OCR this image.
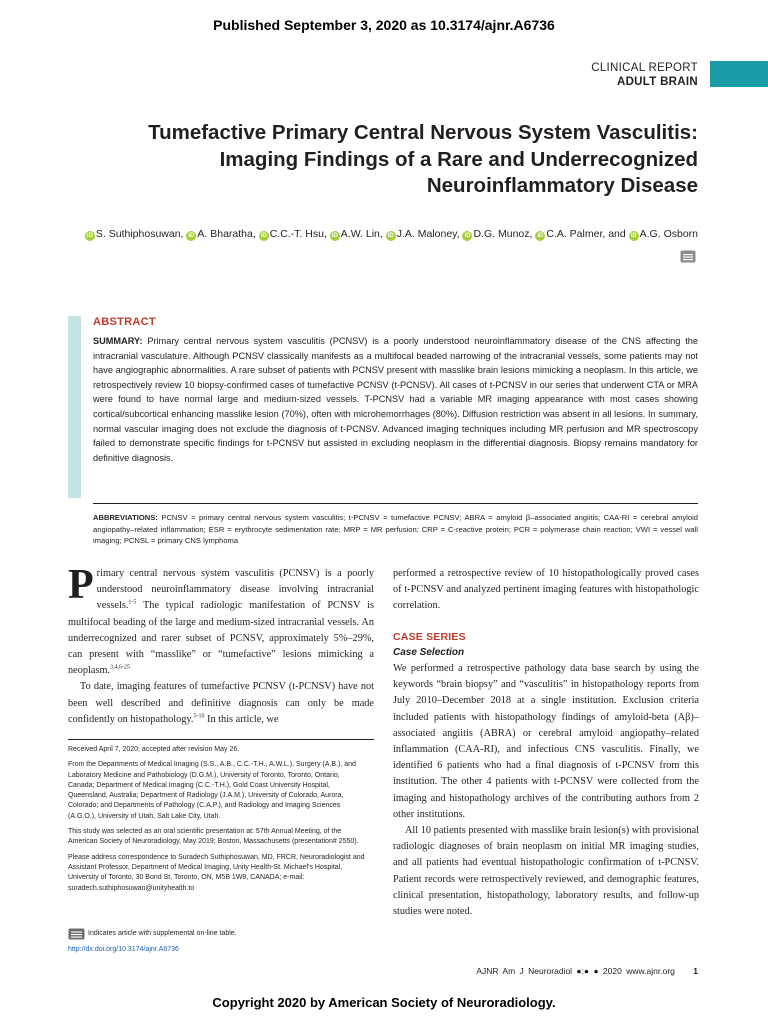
Published September 3, 2020 as 10.3174/ajnr.A6736
CLINICAL REPORT
ADULT BRAIN
Tumefactive Primary Central Nervous System Vasculitis: Imaging Findings of a Rare and Underrecognized Neuroinflammatory Disease
iD S. Suthiphosuwan, iD A. Bharatha, iD C.C.-T. Hsu, iD A.W. Lin, iD J.A. Maloney, iD D.G. Munoz, iD C.A. Palmer, and iD A.G. Osborn
ABSTRACT
SUMMARY: Primary central nervous system vasculitis (PCNSV) is a poorly understood neuroinflammatory disease of the CNS affecting the intracranial vasculature. Although PCNSV classically manifests as a multifocal beaded narrowing of the intracranial vessels, some patients may not have angiographic abnormalities. A rare subset of patients with PCNSV present with masslike brain lesions mimicking a neoplasm. In this article, we retrospectively review 10 biopsy-confirmed cases of tumefactive PCNSV (t-PCNSV). All cases of t-PCNSV in our series that underwent CTA or MRA were found to have normal large and medium-sized vessels. T-PCNSV had a variable MR imaging appearance with most cases showing cortical/subcortical enhancing masslike lesion (70%), often with microhemorrhages (80%). Diffusion restriction was absent in all lesions. In summary, normal vascular imaging does not exclude the diagnosis of t-PCNSV. Advanced imaging techniques including MR perfusion and MR spectroscopy failed to demonstrate specific findings for t-PCNSV but assisted in excluding neoplasm in the differential diagnosis. Biopsy remains mandatory for definitive diagnosis.
ABBREVIATIONS: PCNSV = primary central nervous system vasculitis; t-PCNSV = tumefactive PCNSV; ABRA = amyloid β–associated angiitis; CAA-RI = cerebral amyloid angiopathy–related inflammation; ESR = erythrocyte sedimentation rate; MRP = MR perfusion; CRP = C-reactive protein; PCR = polymerase chain reaction; VWI = vessel wall imaging; PCNSL = primary CNS lymphoma
Primary central nervous system vasculitis (PCNSV) is a poorly understood neuroinflammatory disease involving intracranial vessels.$^{1-5}$ The typical radiologic manifestation of PCNSV is multifocal beading of the large and medium-sized intracranial vessels. An underrecognized and rarer subset of PCNSV, approximately 5%–29%, can present with “masslike” or “tumefactive” lesions mimicking a neoplasm.$^{3,4,6-25}$
To date, imaging features of tumefactive PCNSV (t-PCNSV) have not been well described and definitive diagnosis can only be made confidently on histopathology.$^{5-10}$ In this article, we

Received April 7, 2020; accepted after revision May 26.

From the Departments of Medical Imaging (S.S., A.B., C.C.-T.H., A.W.L.), Surgery (A.B.), and Laboratory Medicine and Pathobiology (D.G.M.), University of Toronto, Toronto, Ontario, Canada; Department of Medical Imaging (C.C.-T.H.), Gold Coast University Hospital, Queensland, Australia; Department of Radiology (J.A.M.), University of Colorado, Aurora, Colorado; and Departments of Pathology (C.A.P.), and Radiology and Imaging Sciences (A.G.O.), University of Utah, Salt Lake City, Utah.

This study was selected as an oral scientific presentation at: 57th Annual Meeting, of the American Society of Neuroradiology, May 2019; Boston, Massachusetts (presentation# 2550).

Please address correspondence to Suradech Suthiphosuwan, MD, FRCR, Neuroradiologist and Assistant Professor, Department of Medical Imaging, Unity Health-St. Michael’s Hospital, University of Toronto, 30 Bond St, Toronto, ON, M5B 1W8, CANADA; e-mail: suradech.suthiphosuwan@unityhealth.to

Indicates article with supplemental on-line table.
http://dx.doi.org/10.3174/ajnr.A6736
performed a retrospective review of 10 histopathologically proved cases of t-PCNSV and analyzed pertinent imaging features with histopathologic correlation.
CASE SERIES
Case Selection
We performed a retrospective pathology data base search by using the keywords “brain biopsy” and “vasculitis” in histopathology reports from July 2010–December 2018 at a single institution. Exclusion criteria included patients with histopathology findings of amyloid-beta (Aβ)–associated angiitis (ABRA) or cerebral amyloid angiopathy–related inflammation (CAA-RI), and infectious CNS vasculitis. Finally, we identified 6 patients who had a final diagnosis of t-PCNSV from this institution. The other 4 patients with t-PCNSV were collected from the imaging and histopathology archives of the contributing authors from 2 other institutions.
All 10 patients presented with masslike brain lesion(s) with provisional radiologic diagnoses of brain neoplasm on initial MR imaging studies, and all patients had eventual histopathologic confirmation of t-PCNSV. Patient records were retrospectively reviewed, and demographic features, clinical presentation, histopathology, laboratory results, and follow-up studies were noted.
AJNR Am J Neuroradiol ●:● ● 2020 www.ajnr.org 1
Copyright 2020 by American Society of Neuroradiology.
